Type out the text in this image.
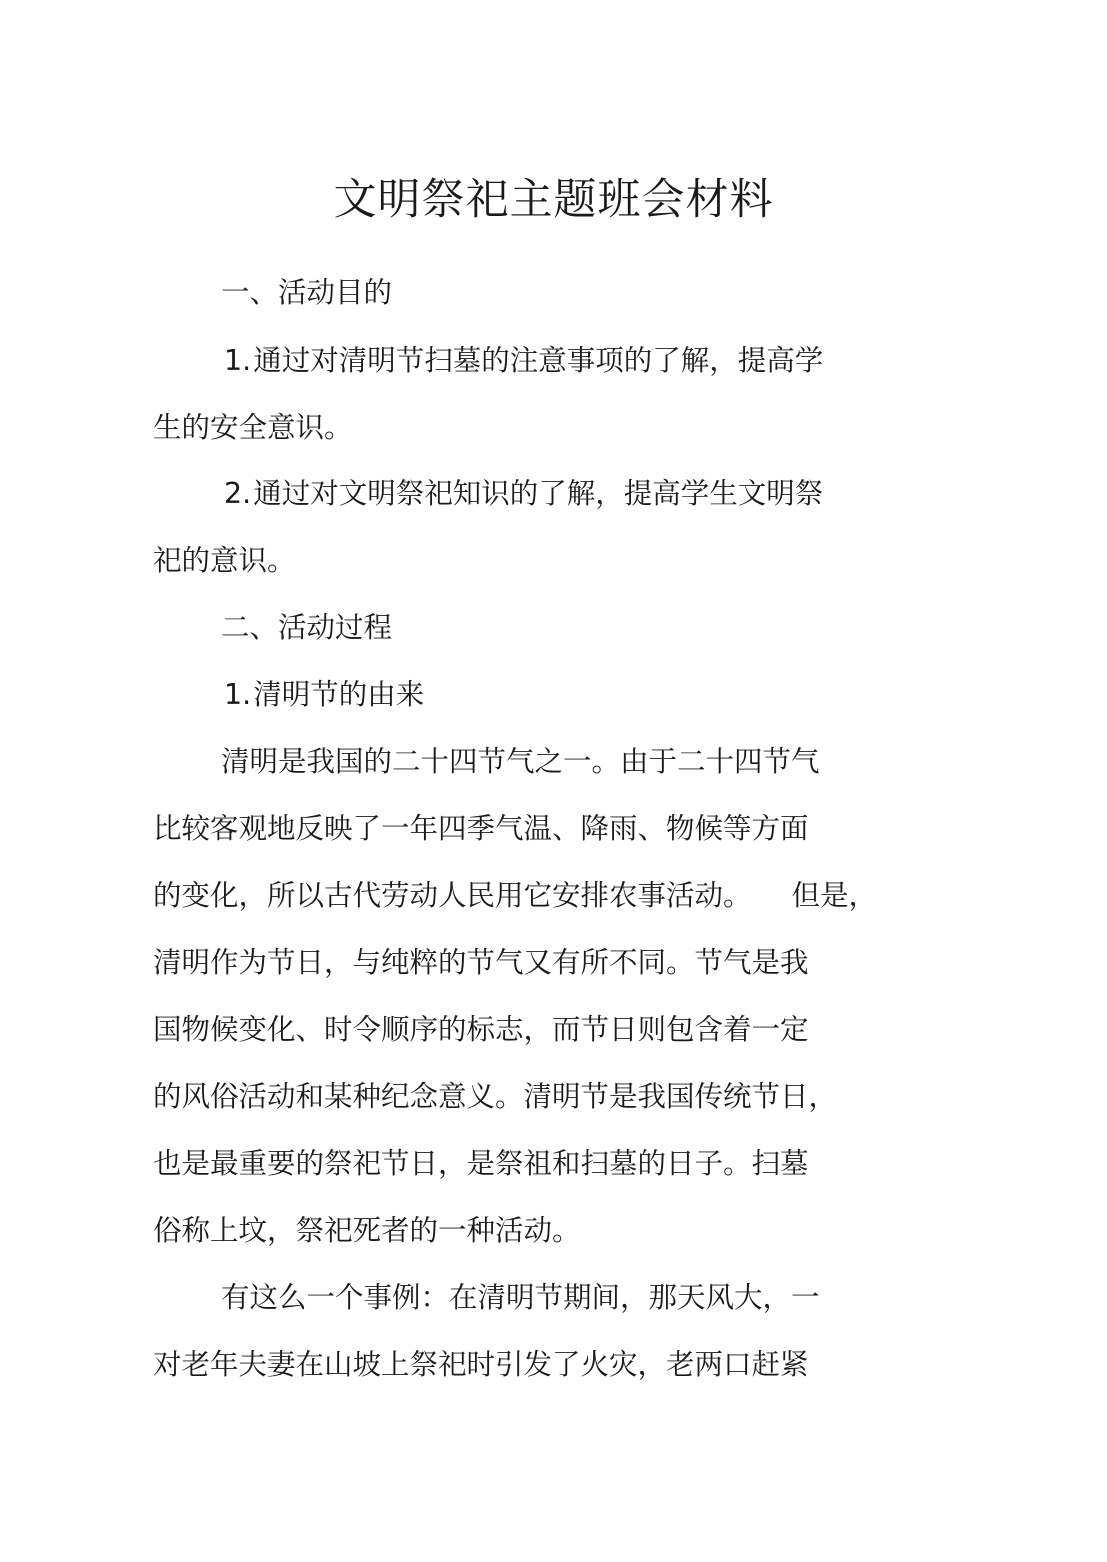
文明祭祀主题班会材料

一、活动目的

1.通过对清明节扫墓的注意事项的了解，提高学

生的安全意识。

2.通过对文明祭祀知识的了解，提高学生文明祭

祀的意识。

二、活动过程

1.清明节的由来

清明是我国的二十四节气之一。由于二十四节气

比较客观地反映了一年四季气温、降雨、物候等方面

的变化，所以古代劳动人民用它安排农事活动。 但是，

清明作为节日，与纯粹的节气又有所不同。节气是我

国物候变化、时令顺序的标志，而节日则包含着一定

的风俗活动和某种纪念意义。清明节是我国传统节日，

也是最重要的祭祀节日，是祭祖和扫墓的日子。扫墓

俗称上坟，祭祀死者的一种活动。

有这么一个事例：在清明节期间，那天风大，一

对老年夫妻在山坡上祭祀时引发了火灾，老两口赶紧
